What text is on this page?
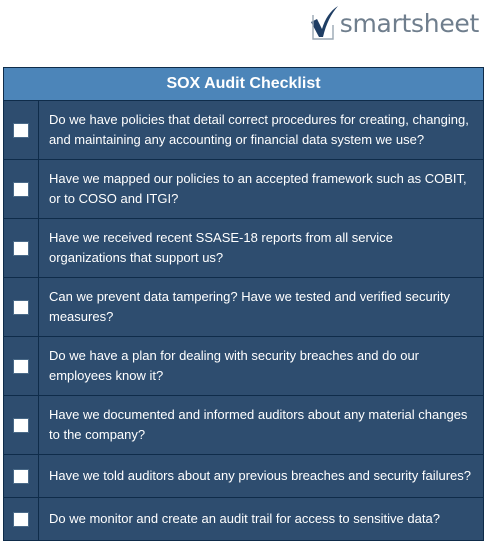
smartsheet
SOX Audit Checklist
Do we have policies that detail correct procedures for creating, changing, and maintaining any accounting or financial data system we use?
Have we mapped our policies to an accepted framework such as COBIT, or to COSO and ITGI?
Have we received recent SSASE-18 reports from all service organizations that support us?
Can we prevent data tampering? Have we tested and verified security measures?
Do we have a plan for dealing with security breaches and do our employees know it?
Have we documented and informed auditors about any material changes to the company?
Have we told auditors about any previous breaches and security failures?
Do we monitor and create an audit trail for access to sensitive data?
